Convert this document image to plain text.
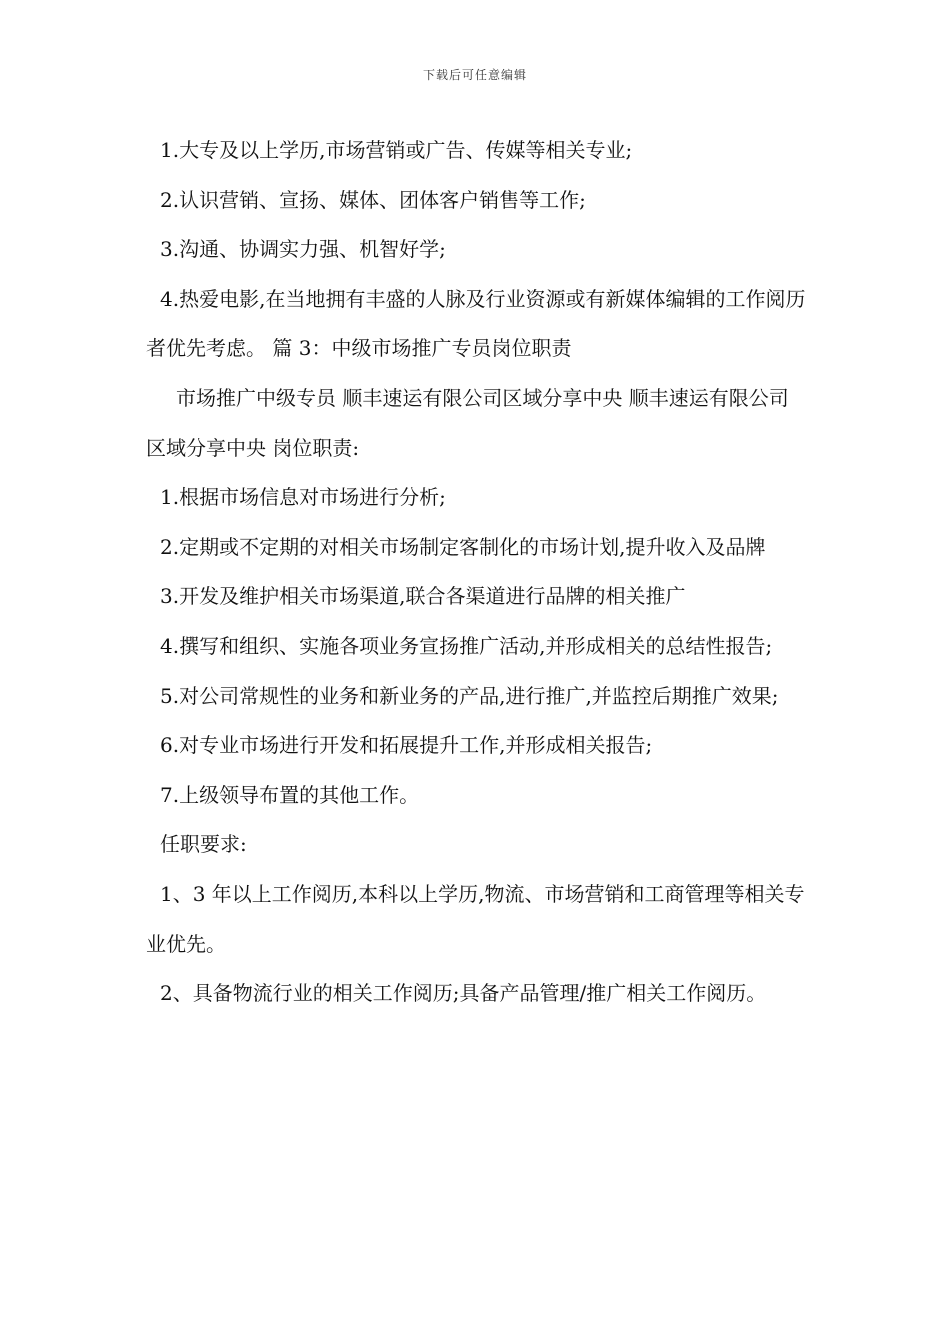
下载后可任意编辑

1.大专及以上学历,市场营销或广告、传媒等相关专业;

2.认识营销、宣扬、媒体、团体客户销售等工作;

3.沟通、协调实力强、机智好学;

4.热爱电影,在当地拥有丰盛的人脉及行业资源或有新媒体编辑的工作阅历者优先考虑。 篇 3：中级市场推广专员岗位职责

市场推广中级专员 顺丰速运有限公司区域分享中央 顺丰速运有限公司区域分享中央 岗位职责:

1.根据市场信息对市场进行分析;

2.定期或不定期的对相关市场制定客制化的市场计划,提升收入及品牌

3.开发及维护相关市场渠道,联合各渠道进行品牌的相关推广

4.撰写和组织、实施各项业务宣扬推广活动,并形成相关的总结性报告;

5.对公司常规性的业务和新业务的产品,进行推广,并监控后期推广效果;

6.对专业市场进行开发和拓展提升工作,并形成相关报告;

7.上级领导布置的其他工作。

任职要求:

1、3 年以上工作阅历,本科以上学历,物流、市场营销和工商管理等相关专业优先。

2、具备物流行业的相关工作阅历;具备产品管理/推广相关工作阅历。
